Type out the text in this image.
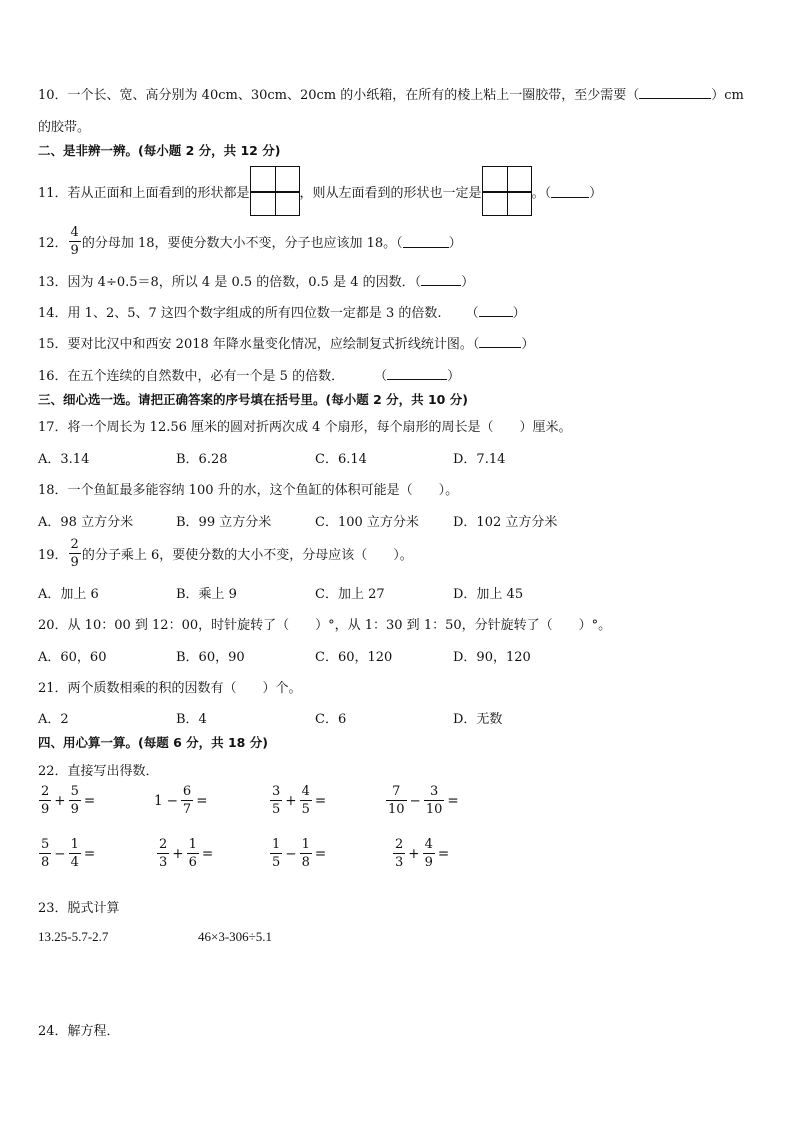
10．一个长、宽、高分别为 40cm、30cm、20cm 的小纸箱，在所有的棱上粘上一圈胶带，至少需要（	）cm
的胶带。
二、是非辨一辨。(每小题 2 分，共 12 分)
11．若从正面和上面看到的形状都是	，则从左面看到的形状也一定是	。（	）
12． $\frac{4}{9}$ 的分母加 18，要使分数大小不变，分子也应该加 18。（	）
13．因为 4÷0.5＝8，所以 4 是 0.5 的倍数，0.5 是 4 的因数．（	）
14．用 1、2、5、7 这四个数字组成的所有四位数一定都是 3 的倍数. （	）
15．要对比汉中和西安 2018 年降水量变化情况，应绘制复式折线统计图。（	）
16．在五个连续的自然数中，必有一个是 5 的倍数． （	）
三、细心选一选。请把正确答案的序号填在括号里。(每小题 2 分，共 10 分)
17．将一个周长为 12.56 厘米的圆对折两次成 4 个扇形，每个扇形的周长是（　　）厘米。
A．3.14	B．6.28	C．6.14	D．7.14
18．一个鱼缸最多能容纳 100 升的水，这个鱼缸的体积可能是（　　）。
A．98 立方分米	B．99 立方分米	C．100 立方分米	D．102 立方分米
19． $\frac{2}{9}$ 的分子乘上 6，要使分数的大小不变，分母应该（　　）。
A．加上 6	B．乘上 9	C．加上 27	D．加上 45
20．从 10：00 到 12：00，时针旋转了（　　）°，从 1：30 到 1：50，分针旋转了（　　）°。
A．60，60	B．60，90	C．60，120	D．90，120
21．两个质数相乘的积的因数有（　　）个。
A．2	B．4	C．6	D．无数
四、用心算一算。(每题 6 分，共 18 分)
22．直接写出得数．
$\frac{2}{9} + \frac{5}{9}$ =	$1 - \frac{6}{7}$ =	$\frac{3}{5} + \frac{4}{5}$ =	$\frac{7}{10} - \frac{3}{10}$ =
$\frac{5}{8} - \frac{1}{4}$ =	$\frac{2}{3} + \frac{1}{6}$ =	$\frac{1}{5} - \frac{1}{8}$ =	$\frac{2}{3} + \frac{4}{9}$ =
23．脱式计算
13.25-5.7-2.7	46×3-306÷5.1
24．解方程．
